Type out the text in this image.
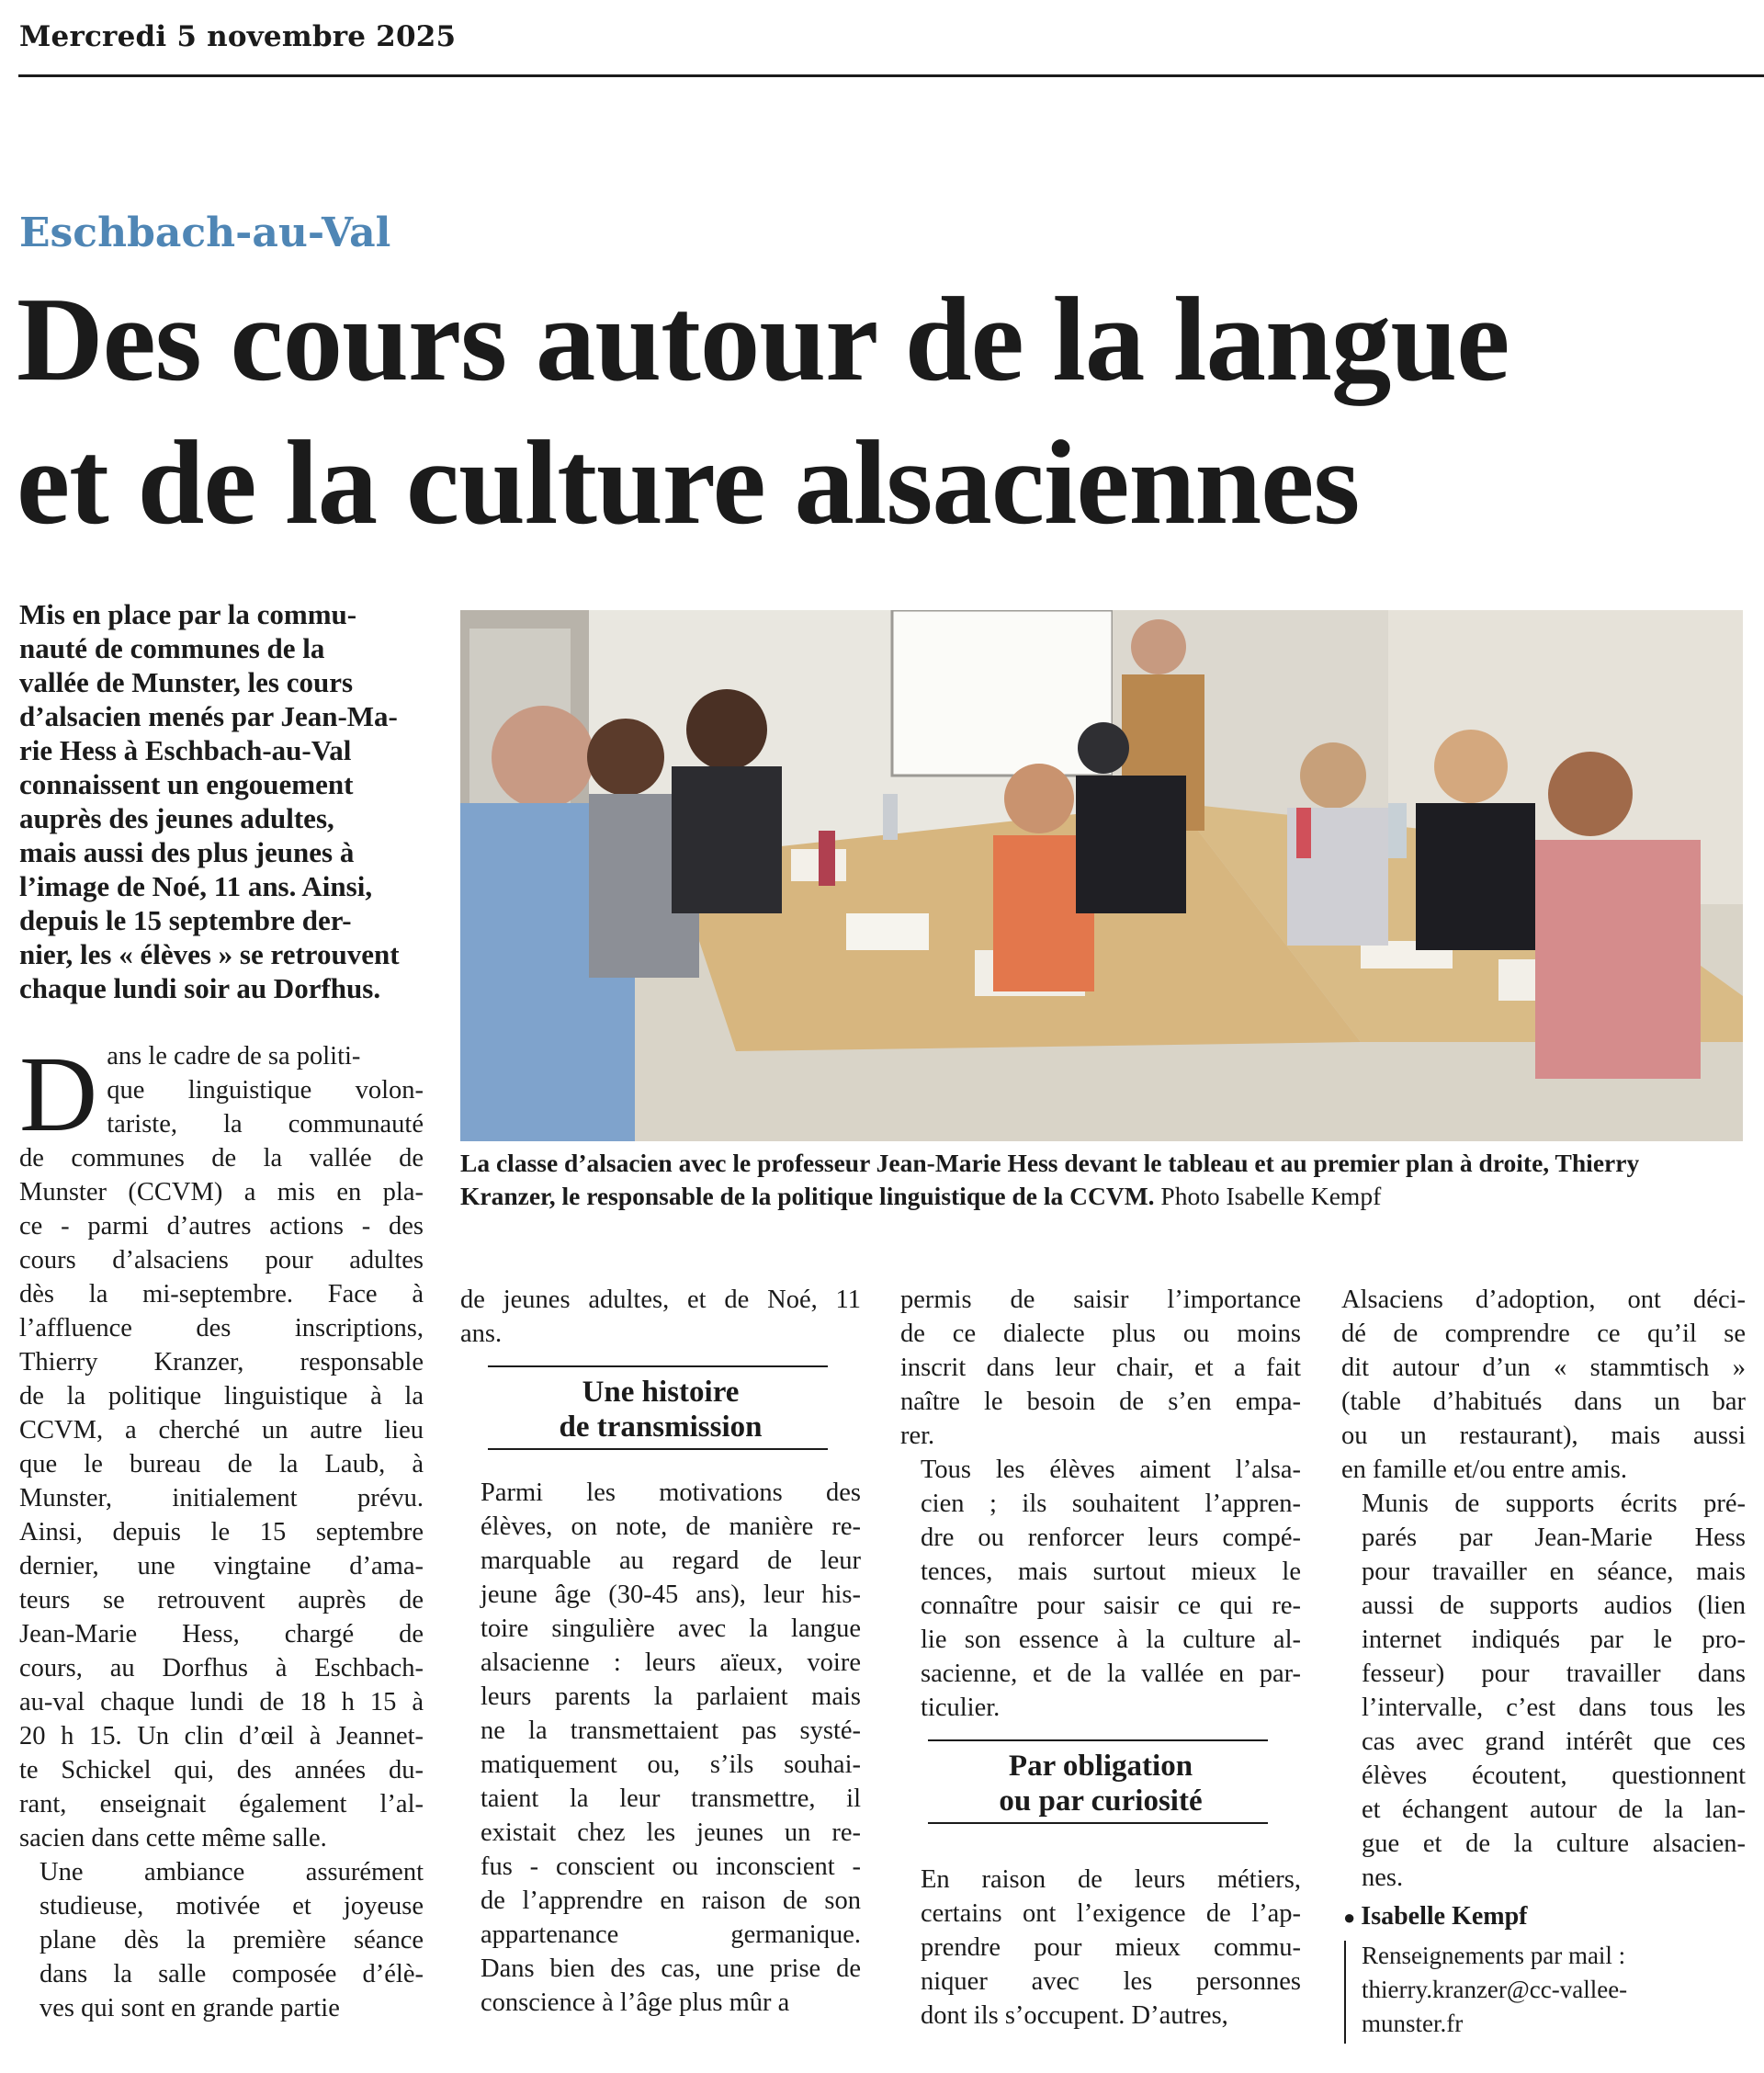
Mercredi 5 novembre 2025
Eschbach-au-Val
Des cours autour de la langue
et de la culture alsaciennes
Mis en place par la commu-
nauté de communes de la
vallée de Munster, les cours
d’alsacien menés par Jean-Ma-
rie Hess à Eschbach-au-Val
connaissent un engouement
auprès des jeunes adultes,
mais aussi des plus jeunes à
l’image de Noé, 11 ans. Ainsi,
depuis le 15 septembre der-
nier, les « élèves » se retrouvent
chaque lundi soir au Dorfhus.

La classe d’alsacien avec le professeur Jean-Marie Hess devant le tableau et au premier plan à droite, Thierry Kranzer, le responsable de la politique linguistique de la CCVM. Photo Isabelle Kempf

Dans le cadre de sa politi-
que linguistique volon-
tariste, la communauté
de communes de la vallée de
Munster (CCVM) a mis en pla-
ce - parmi d’autres actions - des
cours d’alsaciens pour adultes
dès la mi-septembre. Face à
l’affluence des inscriptions,
Thierry Kranzer, responsable
de la politique linguistique à la
CCVM, a cherché un autre lieu
que le bureau de la Laub, à
Munster, initialement prévu.
Ainsi, depuis le 15 septembre
dernier, une vingtaine d’ama-
teurs se retrouvent auprès de
Jean-Marie Hess, chargé de
cours, au Dorfhus à Eschbach-
au-val chaque lundi de 18 h 15 à
20 h 15. Un clin d’œil à Jeannet-
te Schickel qui, des années du-
rant, enseignait également l’al-
sacien dans cette même salle.

Une ambiance assurément
studieuse, motivée et joyeuse
plane dès la première séance
dans la salle composée d’élè-
ves qui sont en grande partie

de jeunes adultes, et de Noé, 11
ans.

Une histoire
de transmission

Parmi les motivations des
élèves, on note, de manière re-
marquable au regard de leur
jeune âge (30-45 ans), leur his-
toire singulière avec la langue
alsacienne : leurs aïeux, voire
leurs parents la parlaient mais
ne la transmettaient pas systé-
matiquement ou, s’ils souhai-
taient la leur transmettre, il
existait chez les jeunes un re-
fus - conscient ou inconscient -
de l’apprendre en raison de son
appartenance germanique.
Dans bien des cas, une prise de
conscience à l’âge plus mûr a

permis de saisir l’importance
de ce dialecte plus ou moins
inscrit dans leur chair, et a fait
naître le besoin de s’en empa-
rer.

Tous les élèves aiment l’alsa-
cien ; ils souhaitent l’appren-
dre ou renforcer leurs compé-
tences, mais surtout mieux le
connaître pour saisir ce qui re-
lie son essence à la culture al-
sacienne, et de la vallée en par-
ticulier.

Par obligation
ou par curiosité

En raison de leurs métiers,
certains ont l’exigence de l’ap-
prendre pour mieux commu-
niquer avec les personnes
dont ils s’occupent. D’autres,

Alsaciens d’adoption, ont déci-
dé de comprendre ce qu’il se
dit autour d’un « stammtisch »
(table d’habitués dans un bar
ou un restaurant), mais aussi
en famille et/ou entre amis.

Munis de supports écrits pré-
parés par Jean-Marie Hess
pour travailler en séance, mais
aussi de supports audios (lien
internet indiqués par le pro-
fesseur) pour travailler dans
l’intervalle, c’est dans tous les
cas avec grand intérêt que ces
élèves écoutent, questionnent
et échangent autour de la lan-
gue et de la culture alsacien-
nes.

● Isabelle Kempf
Renseignements par mail :
thierry.kranzer@cc-vallee-
munster.fr
